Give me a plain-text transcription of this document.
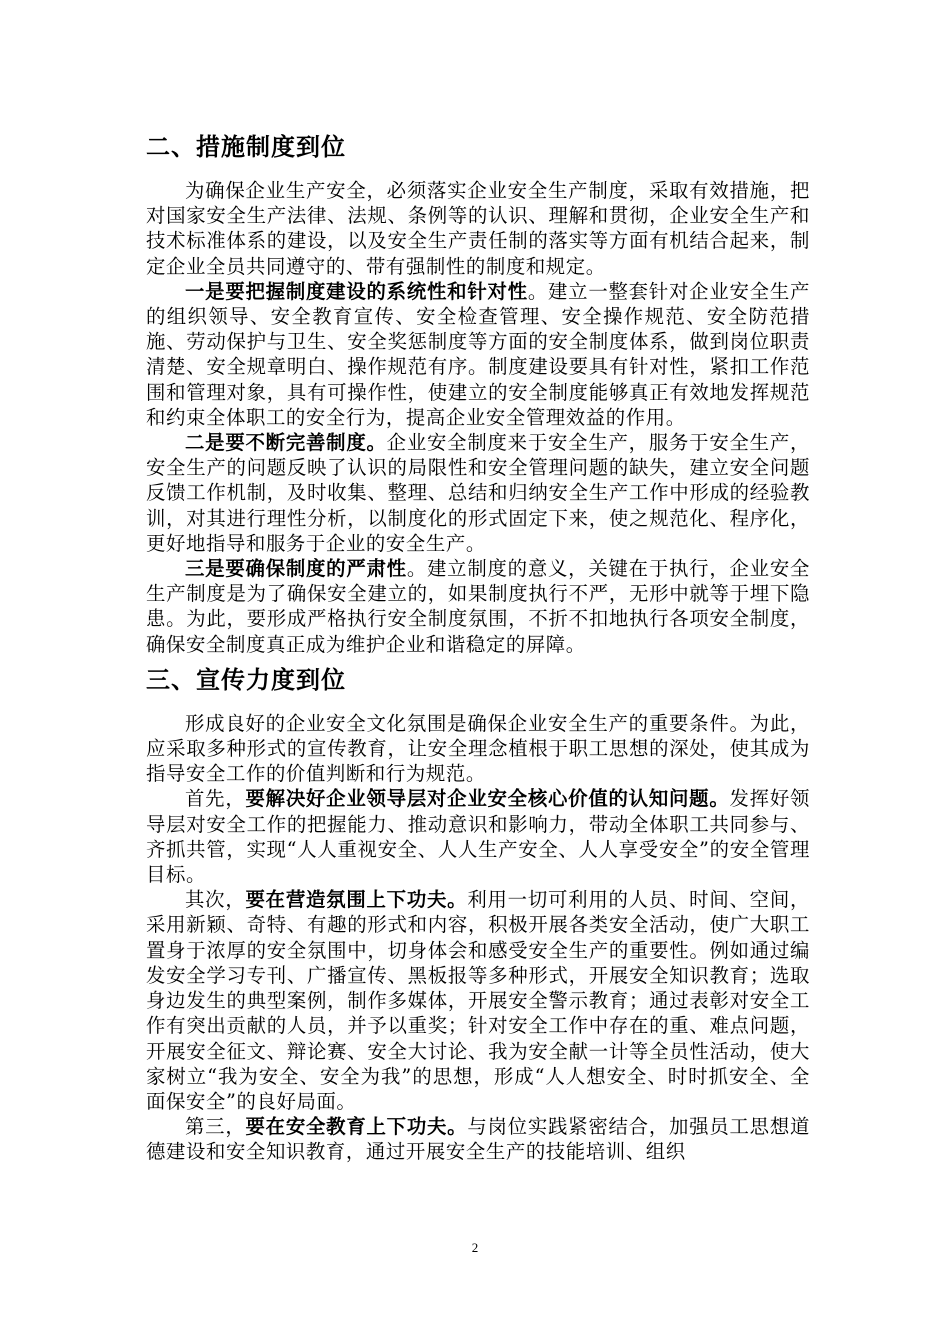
二、措施制度到位

为确保企业生产安全，必须落实企业安全生产制度，采取有效措施，把对国家安全生产法律、法规、条例等的认识、理解和贯彻，企业安全生产和技术标准体系的建设，以及安全生产责任制的落实等方面有机结合起来，制定企业全员共同遵守的、带有强制性的制度和规定。

一是要把握制度建设的系统性和针对性。建立一整套针对企业安全生产的组织领导、安全教育宣传、安全检查管理、安全操作规范、安全防范措施、劳动保护与卫生、安全奖惩制度等方面的安全制度体系，做到岗位职责清楚、安全规章明白、操作规范有序。制度建设要具有针对性，紧扣工作范围和管理对象，具有可操作性，使建立的安全制度能够真正有效地发挥规范和约束全体职工的安全行为，提高企业安全管理效益的作用。

二是要不断完善制度。企业安全制度来于安全生产，服务于安全生产，安全生产的问题反映了认识的局限性和安全管理问题的缺失，建立安全问题反馈工作机制，及时收集、整理、总结和归纳安全生产工作中形成的经验教训，对其进行理性分析，以制度化的形式固定下来，使之规范化、程序化，更好地指导和服务于企业的安全生产。

三是要确保制度的严肃性。建立制度的意义，关键在于执行，企业安全生产制度是为了确保安全建立的，如果制度执行不严，无形中就等于埋下隐患。为此，要形成严格执行安全制度氛围，不折不扣地执行各项安全制度，确保安全制度真正成为维护企业和谐稳定的屏障。

三、宣传力度到位

形成良好的企业安全文化氛围是确保企业安全生产的重要条件。为此，应采取多种形式的宣传教育，让安全理念植根于职工思想的深处，使其成为指导安全工作的价值判断和行为规范。

首先，要解决好企业领导层对企业安全核心价值的认知问题。发挥好领导层对安全工作的把握能力、推动意识和影响力，带动全体职工共同参与、齐抓共管，实现“人人重视安全、人人生产安全、人人享受安全”的安全管理目标。

其次，要在营造氛围上下功夫。利用一切可利用的人员、时间、空间，采用新颖、奇特、有趣的形式和内容，积极开展各类安全活动，使广大职工置身于浓厚的安全氛围中，切身体会和感受安全生产的重要性。例如通过编发安全学习专刊、广播宣传、黑板报等多种形式，开展安全知识教育；选取身边发生的典型案例，制作多媒体，开展安全警示教育；通过表彰对安全工作有突出贡献的人员，并予以重奖；针对安全工作中存在的重、难点问题，开展安全征文、辩论赛、安全大讨论、我为安全献一计等全员性活动，使大家树立“我为安全、安全为我”的思想，形成“人人想安全、时时抓安全、全面保安全”的良好局面。

第三，要在安全教育上下功夫。与岗位实践紧密结合，加强员工思想道德建设和安全知识教育，通过开展安全生产的技能培训、组织

2
